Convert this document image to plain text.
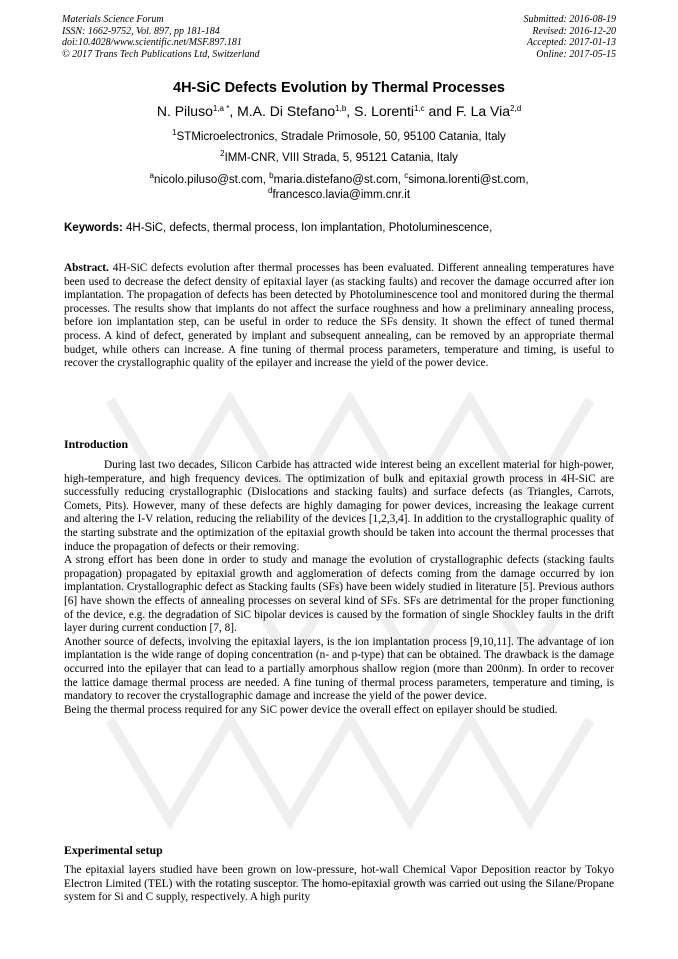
Materials Science Forum
ISSN: 1662-9752, Vol. 897, pp 181-184
doi:10.4028/www.scientific.net/MSF.897.181
© 2017 Trans Tech Publications Ltd, Switzerland
Submitted: 2016-08-19
Revised: 2016-12-20
Accepted: 2017-01-13
Online: 2017-05-15
4H-SiC Defects Evolution by Thermal Processes
N. Piluso$^{1,a *}$, M.A. Di Stefano$^{1,b}$, S. Lorenti$^{1,c}$ and F. La Via$^{2,d}$
$^1$STMicroelectronics, Stradale Primosole, 50, 95100 Catania, Italy
$^2$IMM-CNR, VIII Strada, 5, 95121 Catania, Italy
$^a$nicolo.piluso@st.com, $^b$maria.distefano@st.com, $^c$simona.lorenti@st.com,
$^d$francesco.lavia@imm.cnr.it
Keywords: 4H-SiC, defects, thermal process, Ion implantation, Photoluminescence,

Abstract. 4H-SiC defects evolution after thermal processes has been evaluated. Different annealing temperatures have been used to decrease the defect density of epitaxial layer (as stacking faults) and recover the damage occurred after ion implantation. The propagation of defects has been detected by Photoluminescence tool and monitored during the thermal processes. The results show that implants do not affect the surface roughness and how a preliminary annealing process, before ion implantation step, can be useful in order to reduce the SFs density. It shown the effect of tuned thermal process. A kind of defect, generated by implant and subsequent annealing, can be removed by an appropriate thermal budget, while others can increase. A fine tuning of thermal process parameters, temperature and timing, is useful to recover the crystallographic quality of the epilayer and increase the yield of the power device.

Introduction

During last two decades, Silicon Carbide has attracted wide interest being an excellent material for high-power, high-temperature, and high frequency devices. The optimization of bulk and epitaxial growth process in 4H-SiC are successfully reducing crystallographic (Dislocations and stacking faults) and surface defects (as Triangles, Carrots, Comets, Pits). However, many of these defects are highly damaging for power devices, increasing the leakage current and altering the I-V relation, reducing the reliability of the devices [1,2,3,4]. In addition to the crystallographic quality of the starting substrate and the optimization of the epitaxial growth should be taken into account the thermal processes that induce the propagation of defects or their removing.

A strong effort has been done in order to study and manage the evolution of crystallographic defects (stacking faults propagation) propagated by epitaxial growth and agglomeration of defects coming from the damage occurred by ion implantation. Crystallographic defect as Stacking faults (SFs) have been widely studied in literature [5]. Previous authors [6] have shown the effects of annealing processes on several kind of SFs. SFs are detrimental for the proper functioning of the device, e.g. the degradation of SiC bipolar devices is caused by the formation of single Shockley faults in the drift layer during current conduction [7, 8].

Another source of defects, involving the epitaxial layers, is the ion implantation process [9,10,11]. The advantage of ion implantation is the wide range of doping concentration (n- and p-type) that can be obtained. The drawback is the damage occurred into the epilayer that can lead to a partially amorphous shallow region (more than 200nm). In order to recover the lattice damage thermal process are needed. A fine tuning of thermal process parameters, temperature and timing, is mandatory to recover the crystallographic damage and increase the yield of the power device.

Being the thermal process required for any SiC power device the overall effect on epilayer should be studied.

Experimental setup

The epitaxial layers studied have been grown on low-pressure, hot-wall Chemical Vapor Deposition reactor by Tokyo Electron Limited (TEL) with the rotating susceptor. The homo-epitaxial growth was carried out using the Silane/Propane system for Si and C supply, respectively. A high purity
